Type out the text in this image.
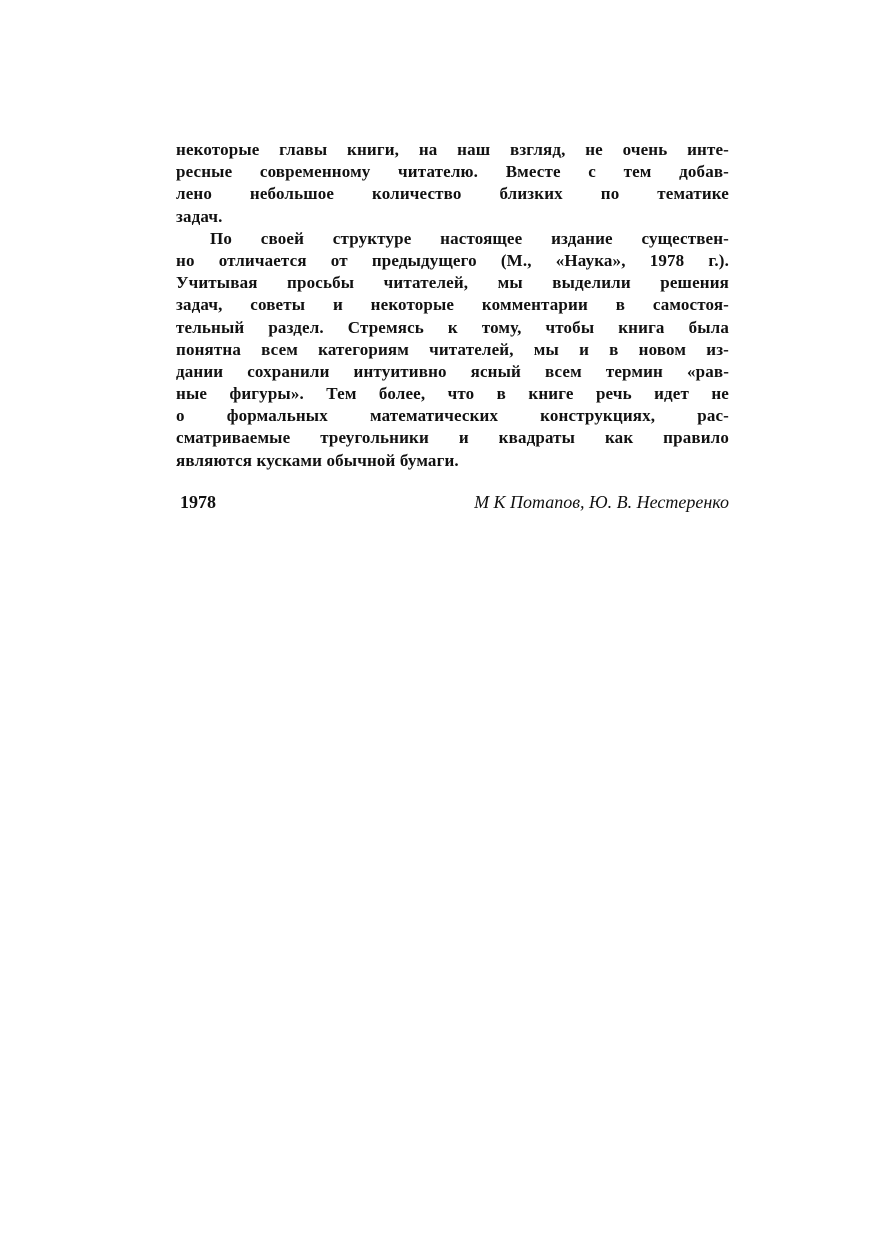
некоторые главы книги, на наш взгляд, не очень инте-
ресные современному читателю. Вместе с тем добав-
лено небольшое количество близких по тематике
задач.
По своей структуре настоящее издание существен-
но отличается от предыдущего (М., «Наука», 1978 г.).
Учитывая просьбы читателей, мы выделили решения
задач, советы и некоторые комментарии в самостоя-
тельный раздел. Стремясь к тому, чтобы книга была
понятна всем категориям читателей, мы и в новом из-
дании сохранили интуитивно ясный всем термин «рав-
ные фигуры». Тем более, что в книге речь идет не
о формальных математических конструкциях, рас-
сматриваемые треугольники и квадраты как правило
являются кусками обычной бумаги.
1978	М К Потапов, Ю. В. Нестеренко
